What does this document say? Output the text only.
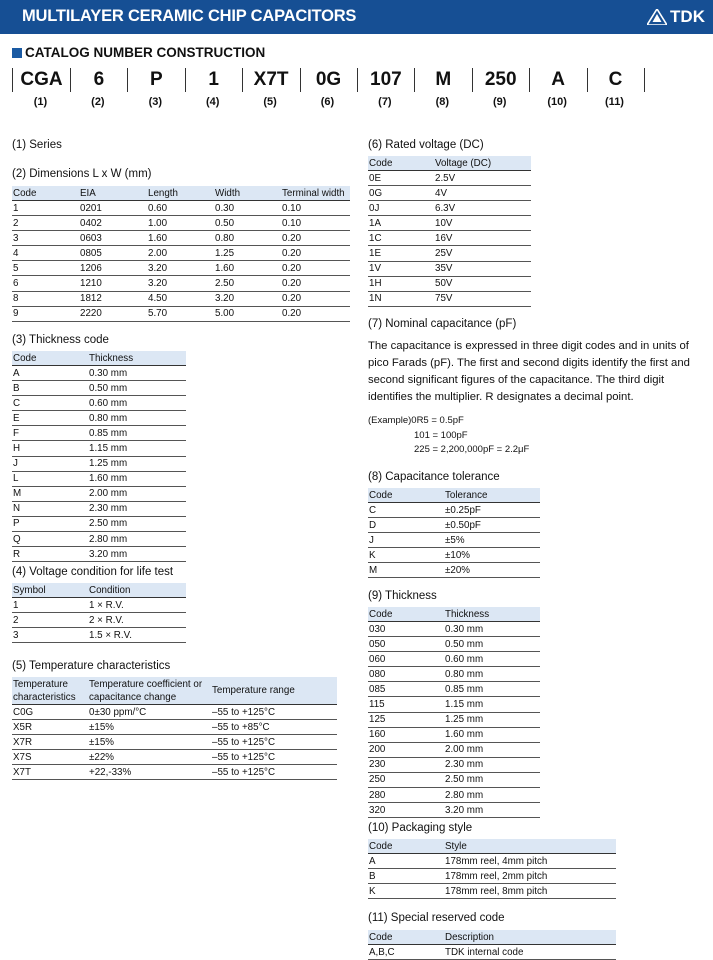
MULTILAYER CERAMIC CHIP CAPACITORS	TDK
CATALOG NUMBER CONSTRUCTION
CGA	6	P	1	X7T	0G	107	M	250	A	C
(1)	(2)	(3)	(4)	(5)	(6)	(7)	(8)	(9)	(10)	(11)
(1) Series
(2) Dimensions L x W (mm)
Code	EIA	Length	Width	Terminal width
1	0201	0.60	0.30	0.10
2	0402	1.00	0.50	0.10
3	0603	1.60	0.80	0.20
4	0805	2.00	1.25	0.20
5	1206	3.20	1.60	0.20
6	1210	3.20	2.50	0.20
8	1812	4.50	3.20	0.20
9	2220	5.70	5.00	0.20
(3) Thickness code
Code	Thickness
A	0.30 mm
B	0.50 mm
C	0.60 mm
E	0.80 mm
F	0.85 mm
H	1.15 mm
J	1.25 mm
L	1.60 mm
M	2.00 mm
N	2.30 mm
P	2.50 mm
Q	2.80 mm
R	3.20 mm
(4) Voltage condition for life test
Symbol	Condition
1	1 × R.V.
2	2 × R.V.
3	1.5 × R.V.
(5) Temperature characteristics
Temperature characteristics	Temperature coefficient or capacitance change	Temperature range
C0G	0±30 ppm/°C	–55 to +125°C
X5R	±15%	–55 to +85°C
X7R	±15%	–55 to +125°C
X7S	±22%	–55 to +125°C
X7T	+22,-33%	–55 to +125°C
(6) Rated voltage (DC)
Code	Voltage (DC)
0E	2.5V
0G	4V
0J	6.3V
1A	10V
1C	16V
1E	25V
1V	35V
1H	50V
1N	75V
(7) Nominal capacitance (pF)
The capacitance is expressed in three digit codes and in units of pico Farads (pF). The first and second digits identify the first and second significant figures of the capacitance. The third digit identifies the multiplier. R designates a decimal point.
(Example)0R5 = 0.5pF
101 = 100pF
225 = 2,200,000pF = 2.2μF
(8) Capacitance tolerance
Code	Tolerance
C	±0.25pF
D	±0.50pF
J	±5%
K	±10%
M	±20%
(9) Thickness
Code	Thickness
030	0.30 mm
050	0.50 mm
060	0.60 mm
080	0.80 mm
085	0.85 mm
115	1.15 mm
125	1.25 mm
160	1.60 mm
200	2.00 mm
230	2.30 mm
250	2.50 mm
280	2.80 mm
320	3.20 mm
(10) Packaging style
Code	Style
A	178mm reel, 4mm pitch
B	178mm reel, 2mm pitch
K	178mm reel, 8mm pitch
(11) Special reserved code
Code	Description
A,B,C	TDK internal code
